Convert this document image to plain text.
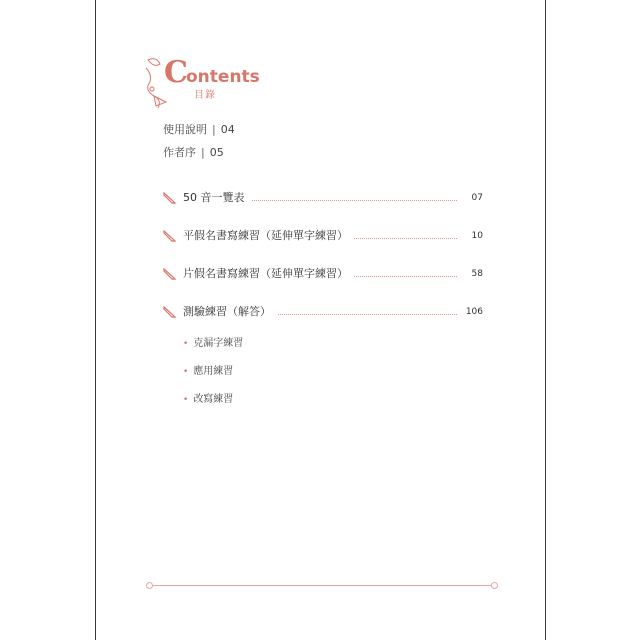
C
ontents
目錄
使用說明 | 04
作者序 | 05
50 音一覽表	07
平假名書寫練習（延伸單字練習）	10
片假名書寫練習（延伸單字練習）	58
測驗練習（解答）	106
• 克漏字練習
• 應用練習
• 改寫練習
